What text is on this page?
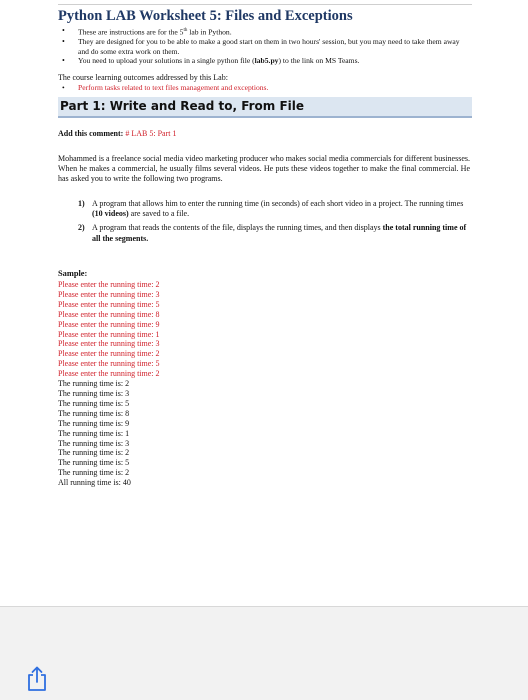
Python LAB Worksheet 5: Files and Exceptions
• These are instructions are for the 5th lab in Python.
• They are designed for you to be able to make a good start on them in two hours' session, but you may need to take them away and do some extra work on them.
• You need to upload your solutions in a single python file (lab5.py) to the link on MS Teams.
The course learning outcomes addressed by this Lab:
• Perform tasks related to text files management and exceptions.
Part 1: Write and Read to, From File
Add this comment: # LAB 5: Part 1
Mohammed is a freelance social media video marketing producer who makes social media commercials for different businesses. When he makes a commercial, he usually films several videos. He puts these videos together to make the final commercial. He has asked you to write the following two programs.
1) A program that allows him to enter the running time (in seconds) of each short video in a project. The running times (10 videos) are saved to a file.
2) A program that reads the contents of the file, displays the running times, and then displays the total running time of all the segments.
Sample:
Please enter the running time: 2
Please enter the running time: 3
Please enter the running time: 5
Please enter the running time: 8
Please enter the running time: 9
Please enter the running time: 1
Please enter the running time: 3
Please enter the running time: 2
Please enter the running time: 5
Please enter the running time: 2
The running time is: 2
The running time is: 3
The running time is: 5
The running time is: 8
The running time is: 9
The running time is: 1
The running time is: 3
The running time is: 2
The running time is: 5
The running time is: 2
All running time is: 40
